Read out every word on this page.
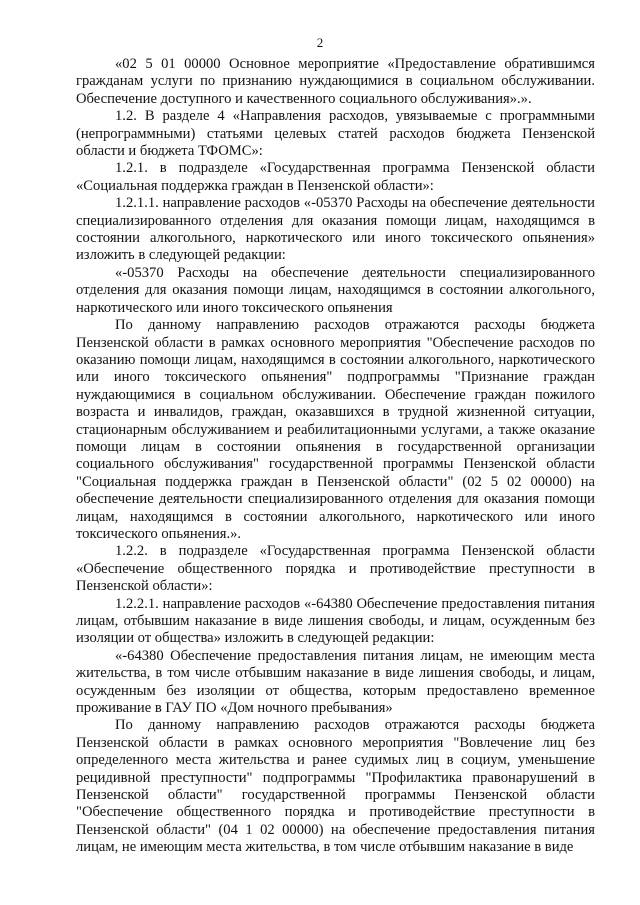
2

«02 5 01 00000 Основное мероприятие «Предоставление обратившимся гражданам услуги по признанию нуждающимися в социальном обслуживании. Обеспечение доступного и качественного социального обслуживания».».

1.2. В разделе 4 «Направления расходов, увязываемые с программными (непрограммными) статьями целевых статей расходов бюджета Пензенской области и бюджета ТФОМС»:

1.2.1. в подразделе «Государственная программа Пензенской области «Социальная поддержка граждан в Пензенской области»:

1.2.1.1. направление расходов «-05370 Расходы на обеспечение деятельности специализированного отделения для оказания помощи лицам, находящимся в состоянии алкогольного, наркотического или иного токсического опьянения» изложить в следующей редакции:

«-05370 Расходы на обеспечение деятельности специализированного отделения для оказания помощи лицам, находящимся в состоянии алкогольного, наркотического или иного токсического опьянения

По данному направлению расходов отражаются расходы бюджета Пензенской области в рамках основного мероприятия "Обеспечение расходов по оказанию помощи лицам, находящимся в состоянии алкогольного, наркотического или иного токсического опьянения" подпрограммы "Признание граждан нуждающимися в социальном обслуживании. Обеспечение граждан пожилого возраста и инвалидов, граждан, оказавшихся в трудной жизненной ситуации, стационарным обслуживанием и реабилитационными услугами, а также оказание помощи лицам в состоянии опьянения в государственной организации социального обслуживания" государственной программы Пензенской области "Социальная поддержка граждан в Пензенской области" (02 5 02 00000) на обеспечение деятельности специализированного отделения для оказания помощи лицам, находящимся в состоянии алкогольного, наркотического или иного токсического опьянения.».

1.2.2. в подразделе «Государственная программа Пензенской области «Обеспечение общественного порядка и противодействие преступности в Пензенской области»:

1.2.2.1. направление расходов «-64380 Обеспечение предоставления питания лицам, отбывшим наказание в виде лишения свободы, и лицам, осужденным без изоляции от общества» изложить в следующей редакции:

«-64380 Обеспечение предоставления питания лицам, не имеющим места жительства, в том числе отбывшим наказание в виде лишения свободы, и лицам, осужденным без изоляции от общества, которым предоставлено временное проживание в ГАУ ПО «Дом ночного пребывания»

По данному направлению расходов отражаются расходы бюджета Пензенской области в рамках основного мероприятия "Вовлечение лиц без определенного места жительства и ранее судимых лиц в социум, уменьшение рецидивной преступности" подпрограммы "Профилактика правонарушений в Пензенской области" государственной программы Пензенской области "Обеспечение общественного порядка и противодействие преступности в Пензенской области" (04 1 02 00000) на обеспечение предоставления питания лицам, не имеющим места жительства, в том числе отбывшим наказание в виде
